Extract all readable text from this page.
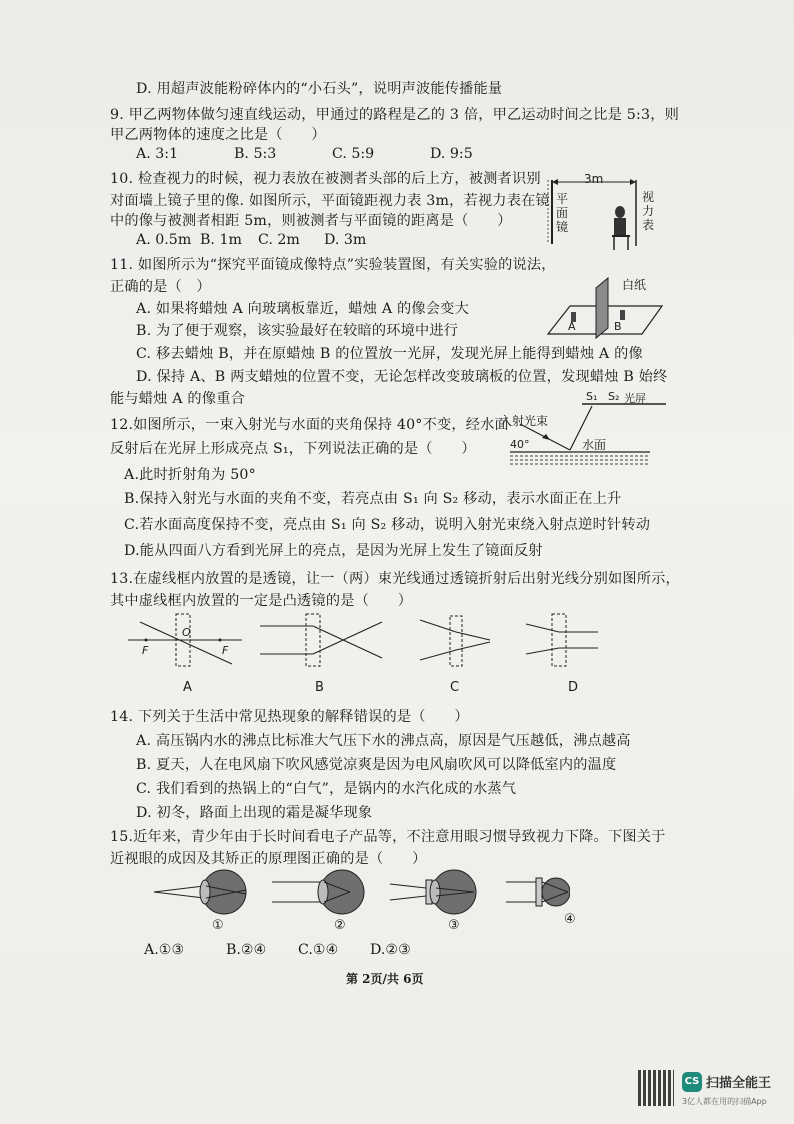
D. 用超声波能粉碎体内的“小石头”，说明声波能传播能量
9. 甲乙两物体做匀速直线运动，甲通过的路程是乙的 3 倍，甲乙运动时间之比是 5:3，则
甲乙两物体的速度之比是（　　）
A. 3:1	B. 5:3	C. 5:9	D. 9:5
10. 检查视力的时候，视力表放在被测者头部的后上方，被测者识别
对面墙上镜子里的像. 如图所示，平面镜距视力表 3m，若视力表在镜
中的像与被测者相距 5m，则被测者与平面镜的距离是（　　）
A. 0.5m B. 1m C. 2m D. 3m
3m
平面镜
视力表
11. 如图所示为“探究平面镜成像特点”实验装置图，有关实验的说法，
正确的是（　）
A. 如果将蜡烛 A 向玻璃板靠近，蜡烛 A 的像会变大
B. 为了便于观察，该实验最好在较暗的环境中进行
C. 移去蜡烛 B，并在原蜡烛 B 的位置放一光屏，发现光屏上能得到蜡烛 A 的像
D. 保持 A、B 两支蜡烛的位置不变，无论怎样改变玻璃板的位置，发现蜡烛 B 始终
能与蜡烛 A 的像重合
白纸
A	B
12.如图所示，一束入射光与水面的夹角保持 40°不变，经水面
反射后在光屏上形成亮点 S₁，下列说法正确的是（　　）
A.此时折射角为 50°
B.保持入射光与水面的夹角不变，若亮点由 S₁ 向 S₂ 移动，表示水面正在上升
C.若水面高度保持不变，亮点由 S₁ 向 S₂ 移动，说明入射光束绕入射点逆时针转动
D.能从四面八方看到光屏上的亮点，是因为光屏上发生了镜面反射
入射光束
40°	水面
S₁ S₂ 光屏
13.在虚线框内放置的是透镜，让一（两）束光线通过透镜折射后出射光线分别如图所示，
其中虚线框内放置的一定是凸透镜的是（　　）
F	F
O
A	B	C	D
14. 下列关于生活中常见热现象的解释错误的是（　　）
A. 高压锅内水的沸点比标准大气压下水的沸点高，原因是气压越低，沸点越高
B. 夏天，人在电风扇下吹风感觉凉爽是因为电风扇吹风可以降低室内的温度
C. 我们看到的热锅上的“白气”，是锅内的水汽化成的水蒸气
D. 初冬，路面上出现的霜是凝华现象
15.近年来，青少年由于长时间看电子产品等，不注意用眼习惯导致视力下降。下图关于
近视眼的成因及其矫正的原理图正确的是（　　）
①	②	③	④
A.①③	B.②④ C.①④ D.②③
第 2页/共 6页
CS 扫描全能王
3亿人都在用的扫描App
